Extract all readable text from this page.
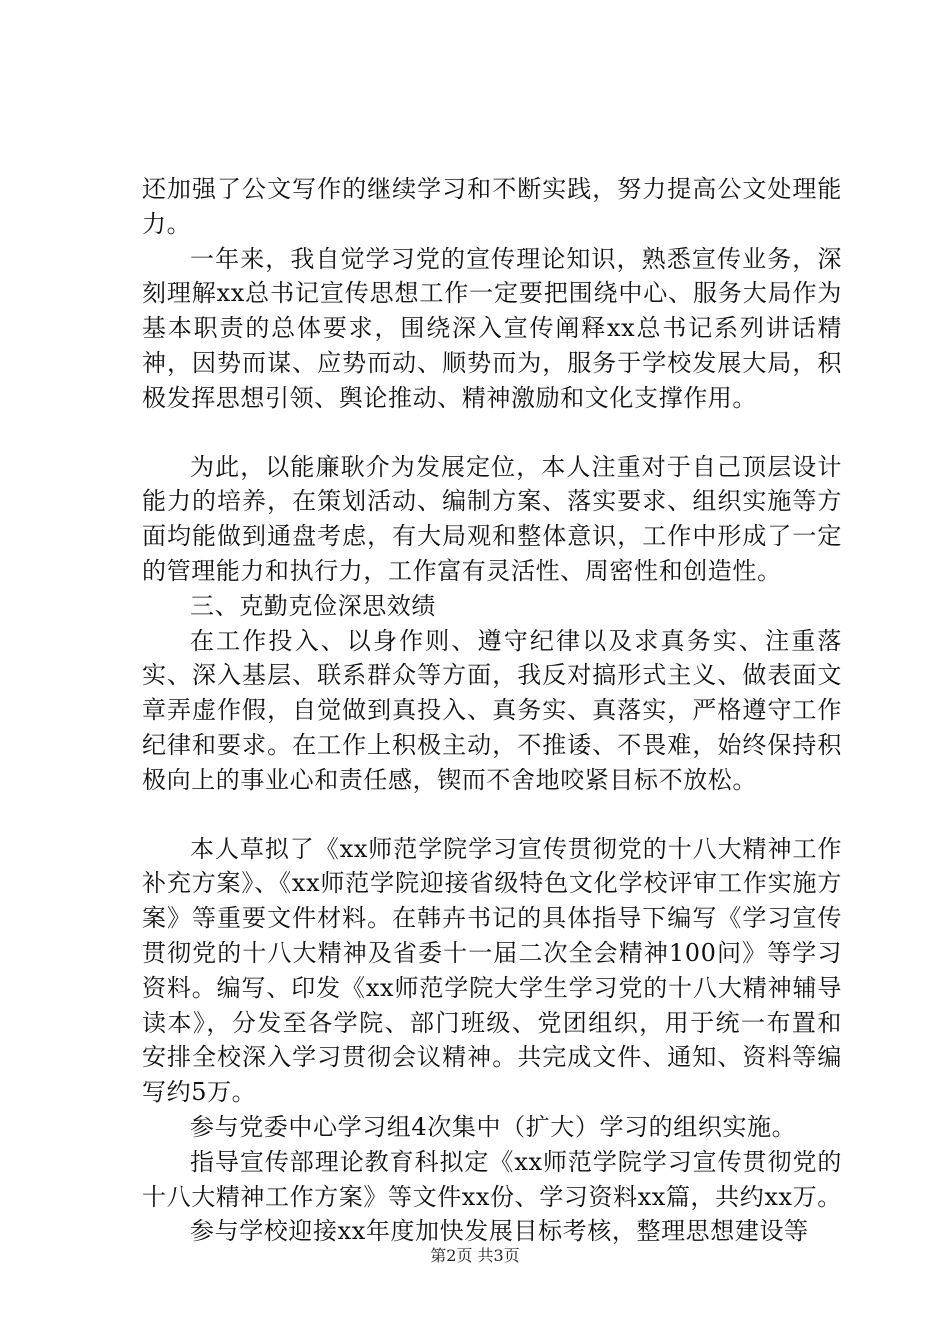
还加强了公文写作的继续学习和不断实践，努力提高公文处理能力。

一年来，我自觉学习党的宣传理论知识，熟悉宣传业务，深刻理解xx总书记宣传思想工作一定要把围绕中心、服务大局作为基本职责的总体要求，围绕深入宣传阐释xx总书记系列讲话精神，因势而谋、应势而动、顺势而为，服务于学校发展大局，积极发挥思想引领、舆论推动、精神激励和文化支撑作用。

为此，以能廉耿介为发展定位，本人注重对于自己顶层设计能力的培养，在策划活动、编制方案、落实要求、组织实施等方面均能做到通盘考虑，有大局观和整体意识，工作中形成了一定的管理能力和执行力，工作富有灵活性、周密性和创造性。

三、克勤克俭深思效绩

在工作投入、以身作则、遵守纪律以及求真务实、注重落实、深入基层、联系群众等方面，我反对搞形式主义、做表面文章弄虚作假，自觉做到真投入、真务实、真落实，严格遵守工作纪律和要求。在工作上积极主动，不推诿、不畏难，始终保持积极向上的事业心和责任感，锲而不舍地咬紧目标不放松。

本人草拟了《xx师范学院学习宣传贯彻党的十八大精神工作补充方案》、《xx师范学院迎接省级特色文化学校评审工作实施方案》等重要文件材料。在韩卉书记的具体指导下编写《学习宣传贯彻党的十八大精神及省委十一届二次全会精神100问》等学习资料。编写、印发《xx师范学院大学生学习党的十八大精神辅导读本》，分发至各学院、部门班级、党团组织，用于统一布置和安排全校深入学习贯彻会议精神。共完成文件、通知、资料等编写约5万。

参与党委中心学习组4次集中（扩大）学习的组织实施。

指导宣传部理论教育科拟定《xx师范学院学习宣传贯彻党的十八大精神工作方案》等文件xx份、学习资料xx篇，共约xx万。

参与学校迎接xx年度加快发展目标考核，整理思想建设等

第2页 共3页
